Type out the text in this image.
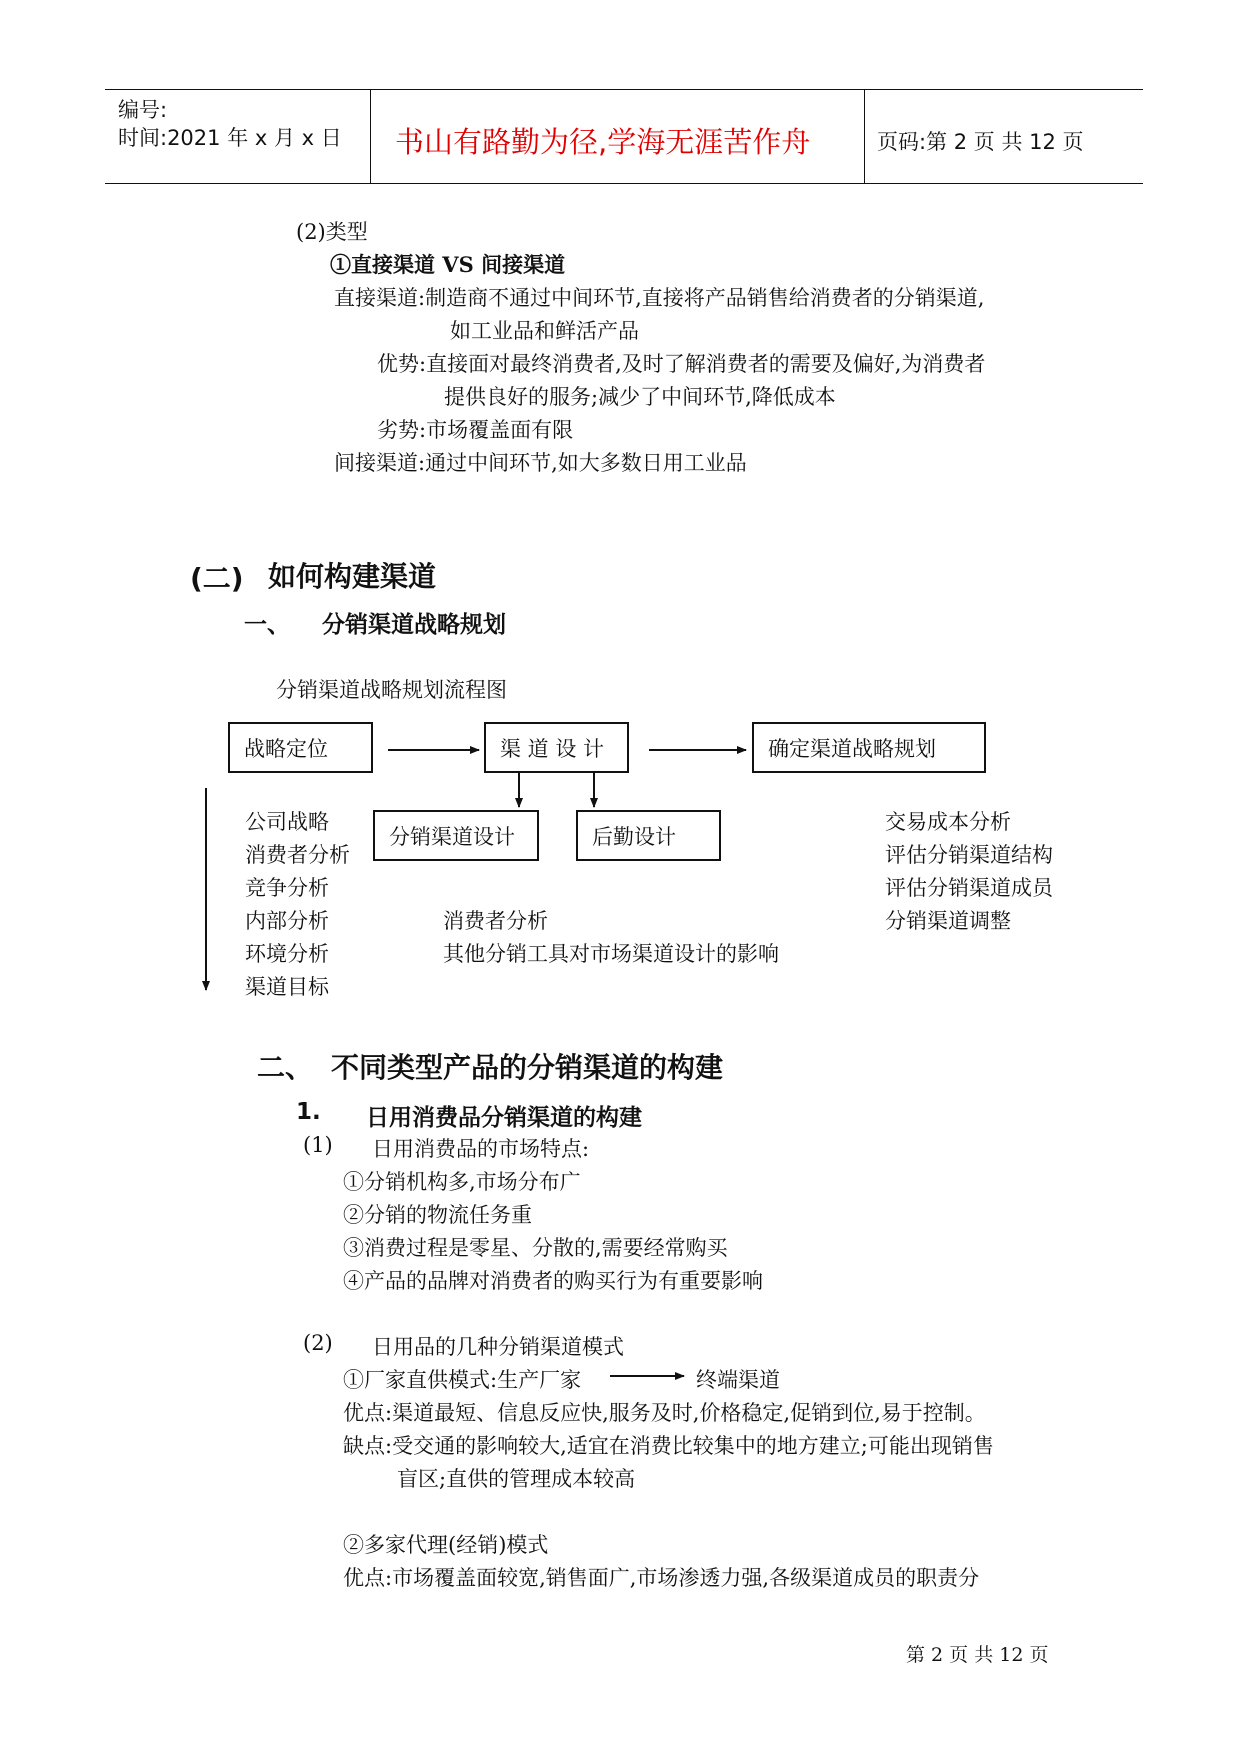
编号:
时间:2021 年 x 月 x 日 书山有路勤为径,学海无涯苦作舟	页码:第 2 页 共 12 页
(2)类型
①直接渠道 VS 间接渠道
直接渠道:制造商不通过中间环节,直接将产品销售给消费者的分销渠道,
如工业品和鲜活产品
优势:直接面对最终消费者,及时了解消费者的需要及偏好,为消费者
提供良好的服务;减少了中间环节,降低成本
劣势:市场覆盖面有限
间接渠道:通过中间环节,如大多数日用工业品
(二) 如何构建渠道
一、 分销渠道战略规划
分销渠道战略规划流程图
战略定位	渠 道 设 计	确定渠道战略规划
分销渠道设计	后勤设计
公司战略
消费者分析
竞争分析
内部分析
环境分析
渠道目标
消费者分析
其他分销工具对市场渠道设计的影响
交易成本分析
评估分销渠道结构
评估分销渠道成员
分销渠道调整
二、 不同类型产品的分销渠道的构建
1. 日用消费品分销渠道的构建
(1) 日用消费品的市场特点:
①分销机构多,市场分布广
②分销的物流任务重
③消费过程是零星、分散的,需要经常购买
④产品的品牌对消费者的购买行为有重要影响
(2) 日用品的几种分销渠道模式
①厂家直供模式:生产厂家	终端渠道
优点:渠道最短、信息反应快,服务及时,价格稳定,促销到位,易于控制。
缺点:受交通的影响较大,适宜在消费比较集中的地方建立;可能出现销售
盲区;直供的管理成本较高
②多家代理(经销)模式
优点:市场覆盖面较宽,销售面广,市场渗透力强,各级渠道成员的职责分
第 2 页 共 12 页
